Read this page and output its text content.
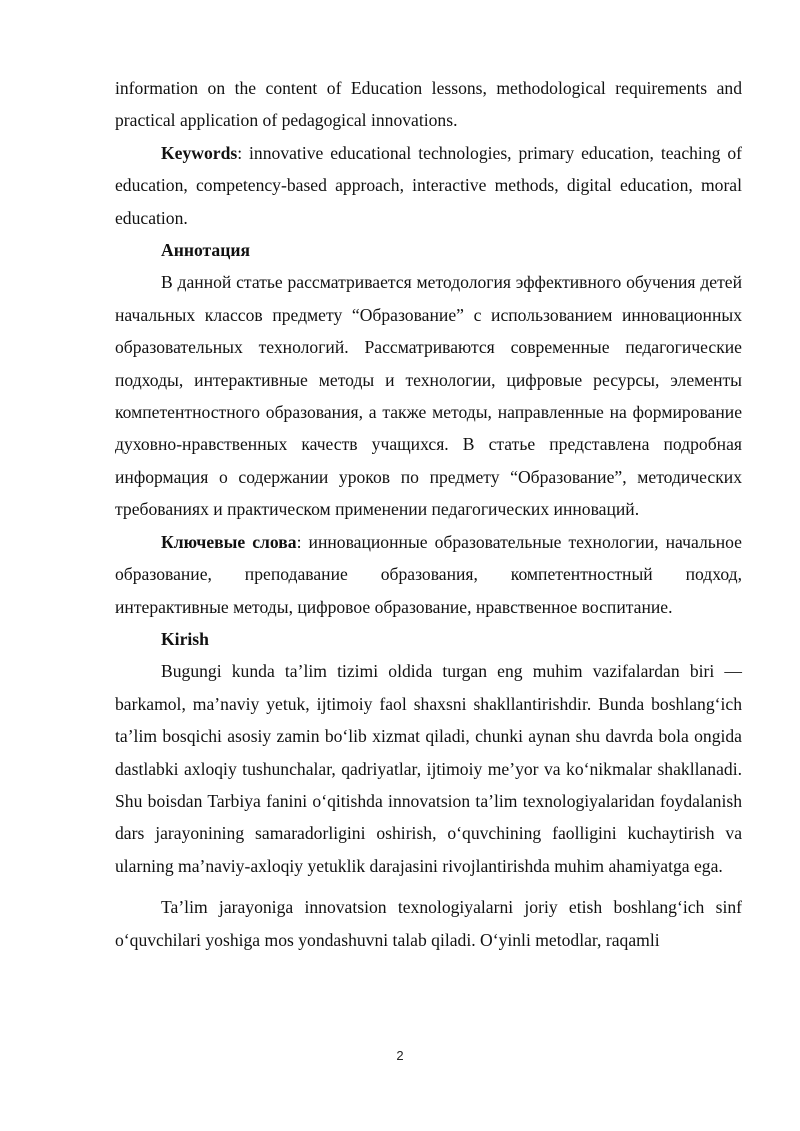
information on the content of Education lessons, methodological requirements and practical application of pedagogical innovations.

Keywords: innovative educational technologies, primary education, teaching of education, competency-based approach, interactive methods, digital education, moral education.

Аннотация

В данной статье рассматривается методология эффективного обучения детей начальных классов предмету “Образование” с использованием инновационных образовательных технологий. Рассматриваются современные педагогические подходы, интерактивные методы и технологии, цифровые ресурсы, элементы компетентностного образования, а также методы, направленные на формирование духовно-нравственных качеств учащихся. В статье представлена подробная информация о содержании уроков по предмету “Образование”, методических требованиях и практическом применении педагогических инноваций.

Ключевые слова: инновационные образовательные технологии, начальное образование, преподавание образования, компетентностный подход, интерактивные методы, цифровое образование, нравственное воспитание.

Kirish

Bugungi kunda ta’lim tizimi oldida turgan eng muhim vazifalardan biri — barkamol, ma’naviy yetuk, ijtimoiy faol shaxsni shakllantirishdir. Bunda boshlang‘ich ta’lim bosqichi asosiy zamin bo‘lib xizmat qiladi, chunki aynan shu davrda bola ongida dastlabki axloqiy tushunchalar, qadriyatlar, ijtimoiy me’yor va ko‘nikmalar shakllanadi. Shu boisdan Tarbiya fanini o‘qitishda innovatsion ta’lim texnologiyalaridan foydalanish dars jarayonining samaradorligini oshirish, o‘quvchining faolligini kuchaytirish va ularning ma’naviy-axloqiy yetuklik darajasini rivojlantirishda muhim ahamiyatga ega.

Ta’lim jarayoniga innovatsion texnologiyalarni joriy etish boshlang‘ich sinf o‘quvchilari yoshiga mos yondashuvni talab qiladi. O‘yinli metodlar, raqamli

2
